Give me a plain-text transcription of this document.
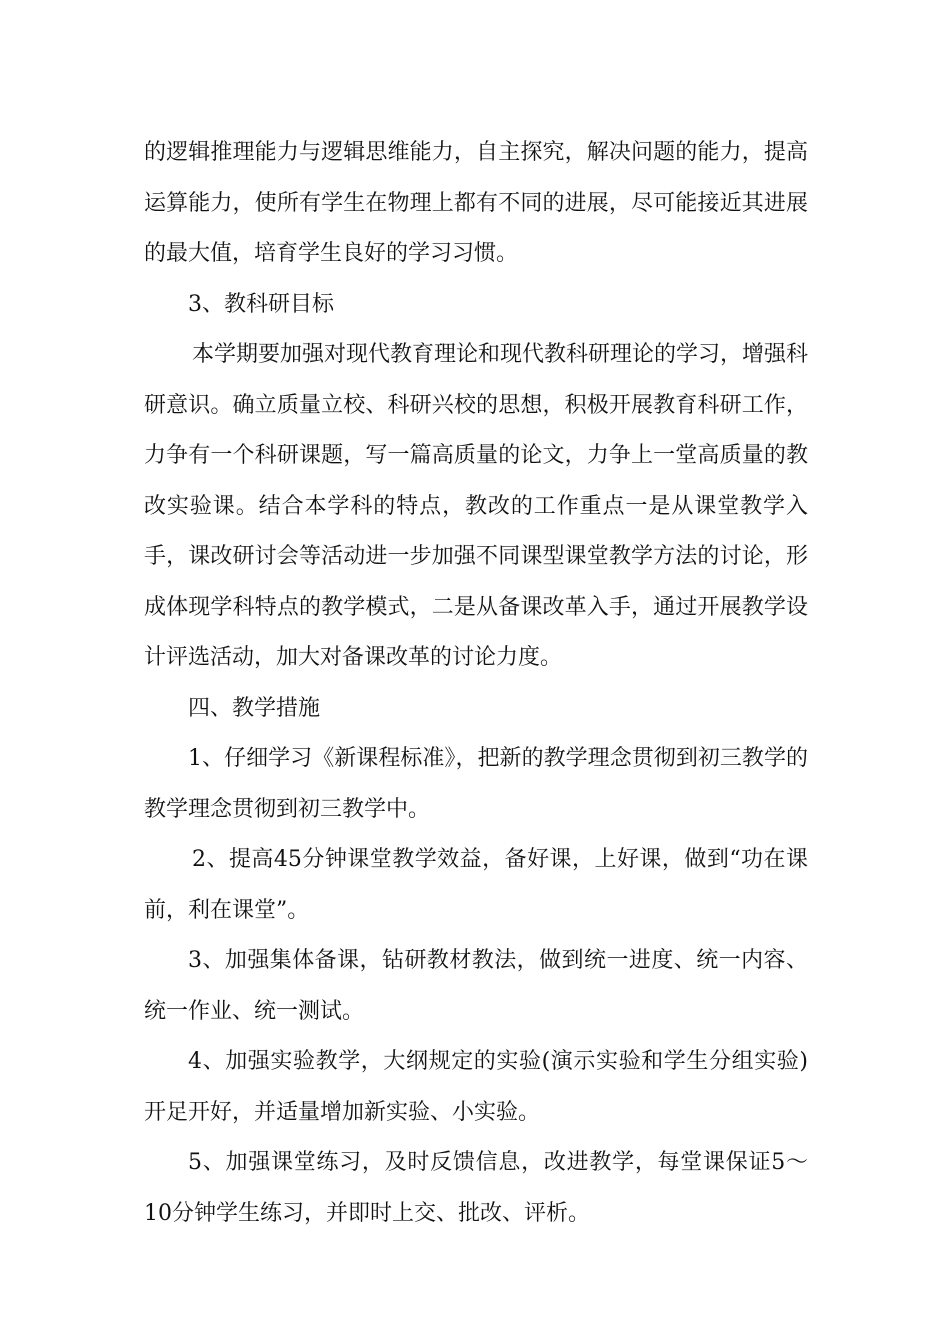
的逻辑推理能力与逻辑思维能力，自主探究，解决问题的能力，提高运算能力，使所有学生在物理上都有不同的进展，尽可能接近其进展的最大值，培育学生良好的学习习惯。

3、教科研目标

本学期要加强对现代教育理论和现代教科研理论的学习，增强科研意识。确立质量立校、科研兴校的思想，积极开展教育科研工作，力争有一个科研课题，写一篇高质量的论文，力争上一堂高质量的教改实验课。结合本学科的特点，教改的工作重点一是从课堂教学入手，课改研讨会等活动进一步加强不同课型课堂教学方法的讨论，形成体现学科特点的教学模式，二是从备课改革入手，通过开展教学设计评选活动，加大对备课改革的讨论力度。

四、教学措施

1、仔细学习《新课程标准》，把新的教学理念贯彻到初三教学的教学理念贯彻到初三教学中。

2、提高45分钟课堂教学效益，备好课，上好课，做到“功在课前，利在课堂”。

3、加强集体备课，钻研教材教法，做到统一进度、统一内容、统一作业、统一测试。

4、加强实验教学，大纲规定的实验(演示实验和学生分组实验)开足开好，并适量增加新实验、小实验。

5、加强课堂练习，及时反馈信息，改进教学，每堂课保证5～10分钟学生练习，并即时上交、批改、评析。
